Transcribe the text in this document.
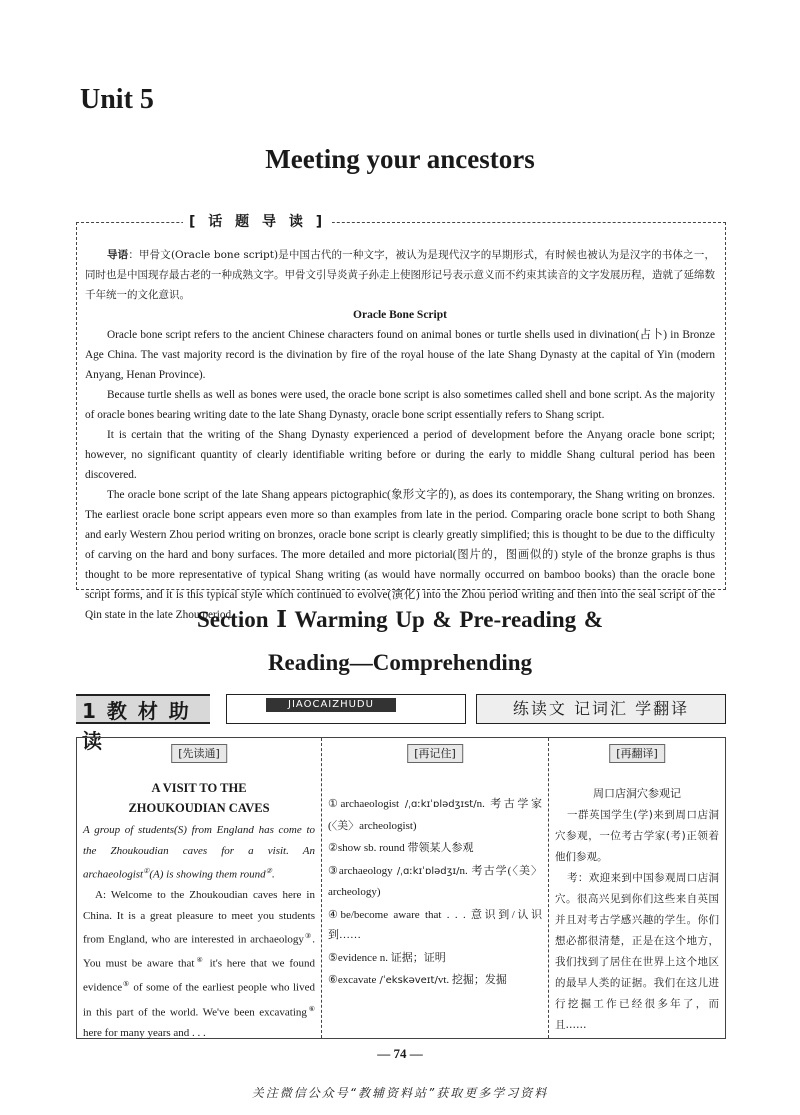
Unit 5
Meeting your ancestors
[ 话 题 导 读 ]

导语：甲骨文(Oracle bone script)是中国古代的一种文字，被认为是现代汉字的早期形式，有时候也被认为是汉字的书体之一，同时也是中国现存最古老的一种成熟文字。甲骨文引导炎黄子孙走上使图形记号表示意义而不约束其读音的文字发展历程，造就了延绵数千年统一的文化意识。

Oracle Bone Script

Oracle bone script refers to the ancient Chinese characters found on animal bones or turtle shells used in divination(占卜) in Bronze Age China. The vast majority record is the divination by fire of the royal house of the late Shang Dynasty at the capital of Yin (modern Anyang, Henan Province).

Because turtle shells as well as bones were used, the oracle bone script is also sometimes called shell and bone script. As the majority of oracle bones bearing writing date to the late Shang Dynasty, oracle bone script essentially refers to Shang script.

It is certain that the writing of the Shang Dynasty experienced a period of development before the Anyang oracle bone script; however, no significant quantity of clearly identifiable writing before or during the early to middle Shang cultural period has been discovered.

The oracle bone script of the late Shang appears pictographic(象形文字的), as does its contemporary, the Shang writing on bronzes. The earliest oracle bone script appears even more so than examples from late in the period. Comparing oracle bone script to both Shang and early Western Zhou period writing on bronzes, oracle bone script is clearly greatly simplified; this is thought to be due to the difficulty of carving on the hard and bony surfaces. The more detailed and more pictorial(图片的，图画似的) style of the bronze graphs is thus thought to be more representative of typical Shang writing (as would have normally occurred on bamboo books) than the oracle bone script forms, and it is this typical style which continued to evolve(演化) into the Zhou period writing and then into the seal script of the Qin state in the late Zhou period.

Section Ⅰ Warming Up & Pre-reading &
Reading—Comprehending
1 教 材 助 读
JIAOCAIZHUDU	练读文 记词汇 学翻译
[先读通]
A VISIT TO THE
ZHOUKOUDIAN CAVES

A group of students(S) from England has come to the Zhoukoudian caves for a visit. An archaeologist①(A) is showing them round②.

A: Welcome to the Zhoukoudian caves here in China. It is a great pleasure to meet you students from England, who are interested in archaeology③. You must be aware that④ it's here that we found evidence⑤ of some of the earliest people who lived in this part of the world. We've been excavating⑥ here for many years and . . .

[再记住]

①archaeologist /ˌɑːkɪˈɒlədʒɪst/n. 考古学家(〈美〉archeologist)

②show sb. round 带领某人参观

③archaeology /ˌɑːkɪˈɒlədʒɪ/n. 考古学(〈美〉archeology)

④be/become aware that . . . 意识到/认识到……

⑤evidence n. 证据；证明

⑥excavate /ˈekskəveɪt/vt. 挖掘；发掘

[再翻译]
周口店洞穴参观记

一群英国学生(学)来到周口店洞穴参观，一位考古学家(考)正领着他们参观。

考：欢迎来到中国参观周口店洞穴。很高兴见到你们这些来自英国并且对考古学感兴趣的学生。你们想必都很清楚，正是在这个地方，我们找到了居住在世界上这个地区的最早人类的证据。我们在这儿进行挖掘工作已经很多年了，而且……

— 74 —
关注微信公众号“教辅资料站”获取更多学习资料
